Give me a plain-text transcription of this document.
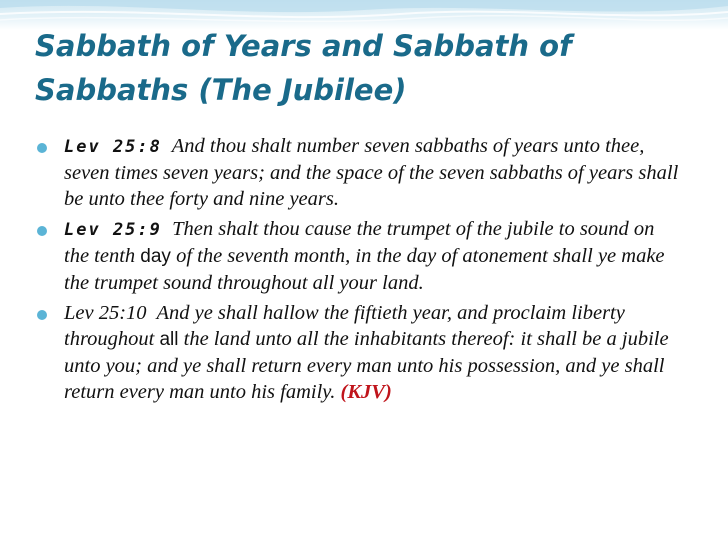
Sabbath of Years and Sabbath of
Sabbaths (The Jubilee)
Lev 25:8 And thou shalt number seven sabbaths of years unto thee, seven times seven years; and the space of the seven sabbaths of years shall be unto thee forty and nine years.
Lev 25:9 Then shalt thou cause the trumpet of the jubile to sound on the tenth day of the seventh month, in the day of atonement shall ye make the trumpet sound throughout all your land.
Lev 25:10 And ye shall hallow the fiftieth year, and proclaim liberty throughout all the land unto all the inhabitants thereof: it shall be a jubile unto you; and ye shall return every man unto his possession, and ye shall return every man unto his family. (KJV)
